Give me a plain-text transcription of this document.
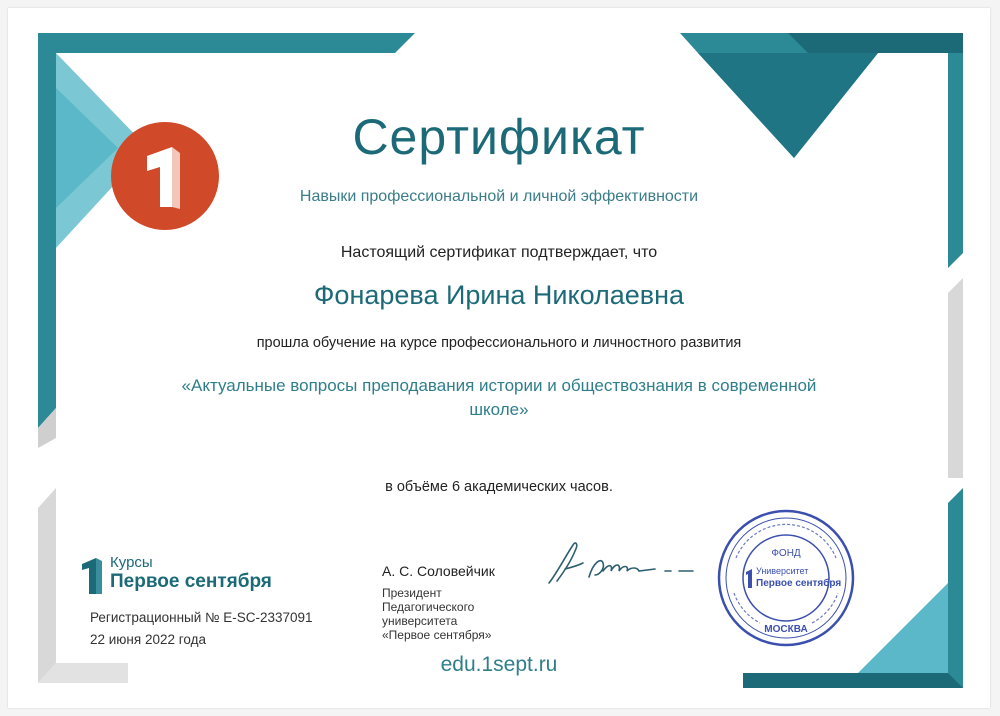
Сертификат
Навыки профессиональной и личной эффективности
Настоящий сертификат подтверждает, что
Фонарева Ирина Николаевна
прошла обучение на курсе профессионального и личностного развития
«Актуальные вопросы преподавания истории и обществознания в современной школе»
в объёме 6 академических часов.
Курсы
Первое сентября
Регистрационный № E-SC-2337091
22 июня 2022 года
А. С. Соловейчик
Президент
Педагогического
университета
«Первое сентября»
ФОНД
Университет
Первое сентября
МОСКВА
edu.1sept.ru
